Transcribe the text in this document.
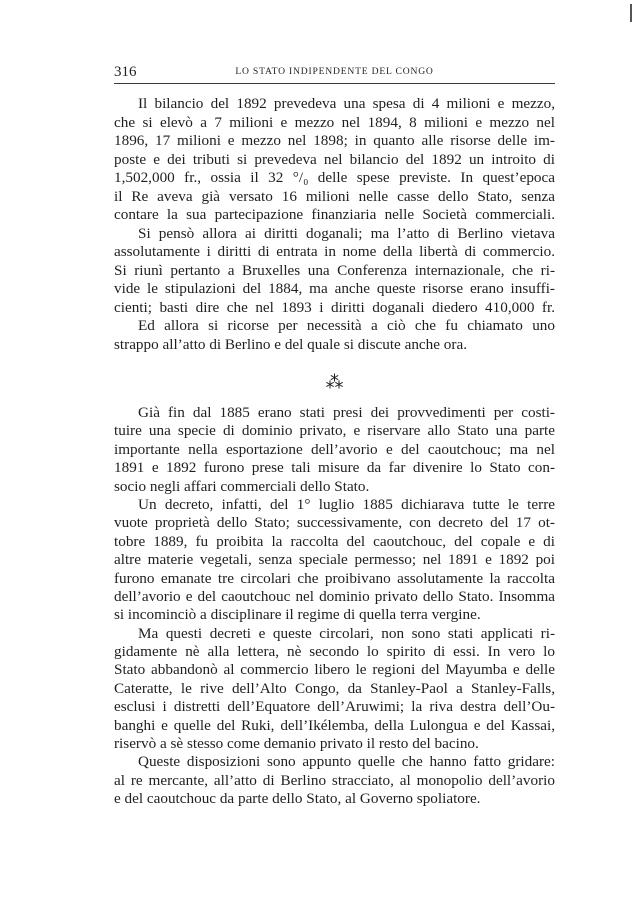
316	LO STATO INDIPENDENTE DEL CONGO
Il bilancio del 1892 prevedeva una spesa di 4 milioni e mezzo,
che si elevò a 7 milioni e mezzo nel 1894, 8 milioni e mezzo nel
1896, 17 milioni e mezzo nel 1898; in quanto alle risorse delle im-
poste e dei tributi si prevedeva nel bilancio del 1892 un introito di
1,502,000 fr., ossia il 32 °/₀ delle spese previste. In quest’epoca
il Re aveva già versato 16 milioni nelle casse dello Stato, senza
contare la sua partecipazione finanziaria nelle Società commerciali.
Si pensò allora ai diritti doganali; ma l’atto di Berlino vietava
assolutamente i diritti di entrata in nome della libertà di commercio.
Si riunì pertanto a Bruxelles una Conferenza internazionale, che ri-
vide le stipulazioni del 1884, ma anche queste risorse erano insuffi-
cienti; basti dire che nel 1893 i diritti doganali diedero 410,000 fr.
Ed allora si ricorse per necessità a ciò che fu chiamato uno
strappo all’atto di Berlino e del quale si discute anche ora.
⁂
Già fin dal 1885 erano stati presi dei provvedimenti per costi-
tuire una specie di dominio privato, e riservare allo Stato una parte
importante nella esportazione dell’avorio e del caoutchouc; ma nel
1891 e 1892 furono prese tali misure da far divenire lo Stato con-
socio negli affari commerciali dello Stato.
Un decreto, infatti, del 1° luglio 1885 dichiarava tutte le terre
vuote proprietà dello Stato; successivamente, con decreto del 17 ot-
tobre 1889, fu proibita la raccolta del caoutchouc, del copale e di
altre materie vegetali, senza speciale permesso; nel 1891 e 1892 poi
furono emanate tre circolari che proibivano assolutamente la raccolta
dell’avorio e del caoutchouc nel dominio privato dello Stato. Insomma
si incominciò a disciplinare il regime di quella terra vergine.
Ma questi decreti e queste circolari, non sono stati applicati ri-
gidamente nè alla lettera, nè secondo lo spirito di essi. In vero lo
Stato abbandonò al commercio libero le regioni del Mayumba e delle
Cateratte, le rive dell’Alto Congo, da Stanley-Paol a Stanley-Falls,
esclusi i distretti dell’Equatore dell’Aruwimi; la riva destra dell’Ou-
banghi e quelle del Ruki, dell’Ikélemba, della Lulongua e del Kassai,
riservò a sè stesso come demanio privato il resto del bacino.
Queste disposizioni sono appunto quelle che hanno fatto gridare:
al re mercante, all’atto di Berlino stracciato, al monopolio dell’avorio
e del caoutchouc da parte dello Stato, al Governo spoliatore.
